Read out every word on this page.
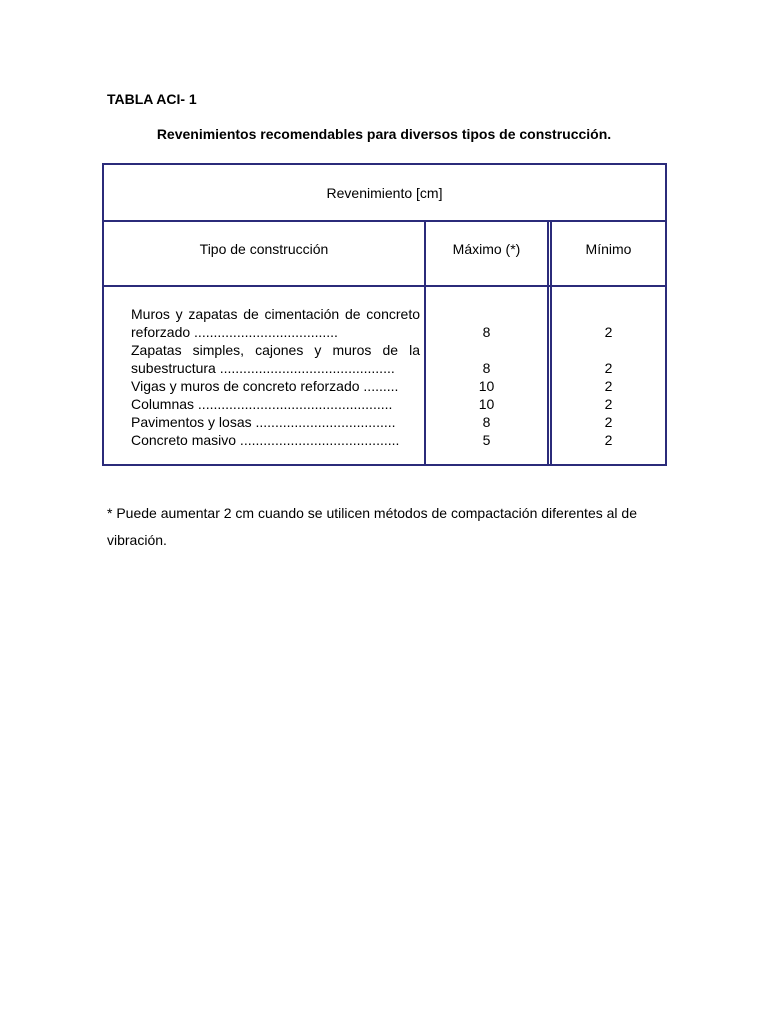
TABLA ACI- 1
Revenimientos recomendables para diversos tipos de construcción.
Revenimiento [cm]
Tipo de construcción	Máximo (*)	Mínimo
Muros y zapatas de cimentación de concreto reforzado .....................................
Zapatas simples, cajones y muros de la subestructura .............................................
Vigas y muros de concreto reforzado .........
Columnas ..................................................
Pavimentos y losas ....................................
Concreto masivo .........................................
8
8
10
10
8
5
2
2
2
2
2
2
* Puede aumentar 2 cm cuando se utilicen métodos de compactación diferentes al de vibración.
